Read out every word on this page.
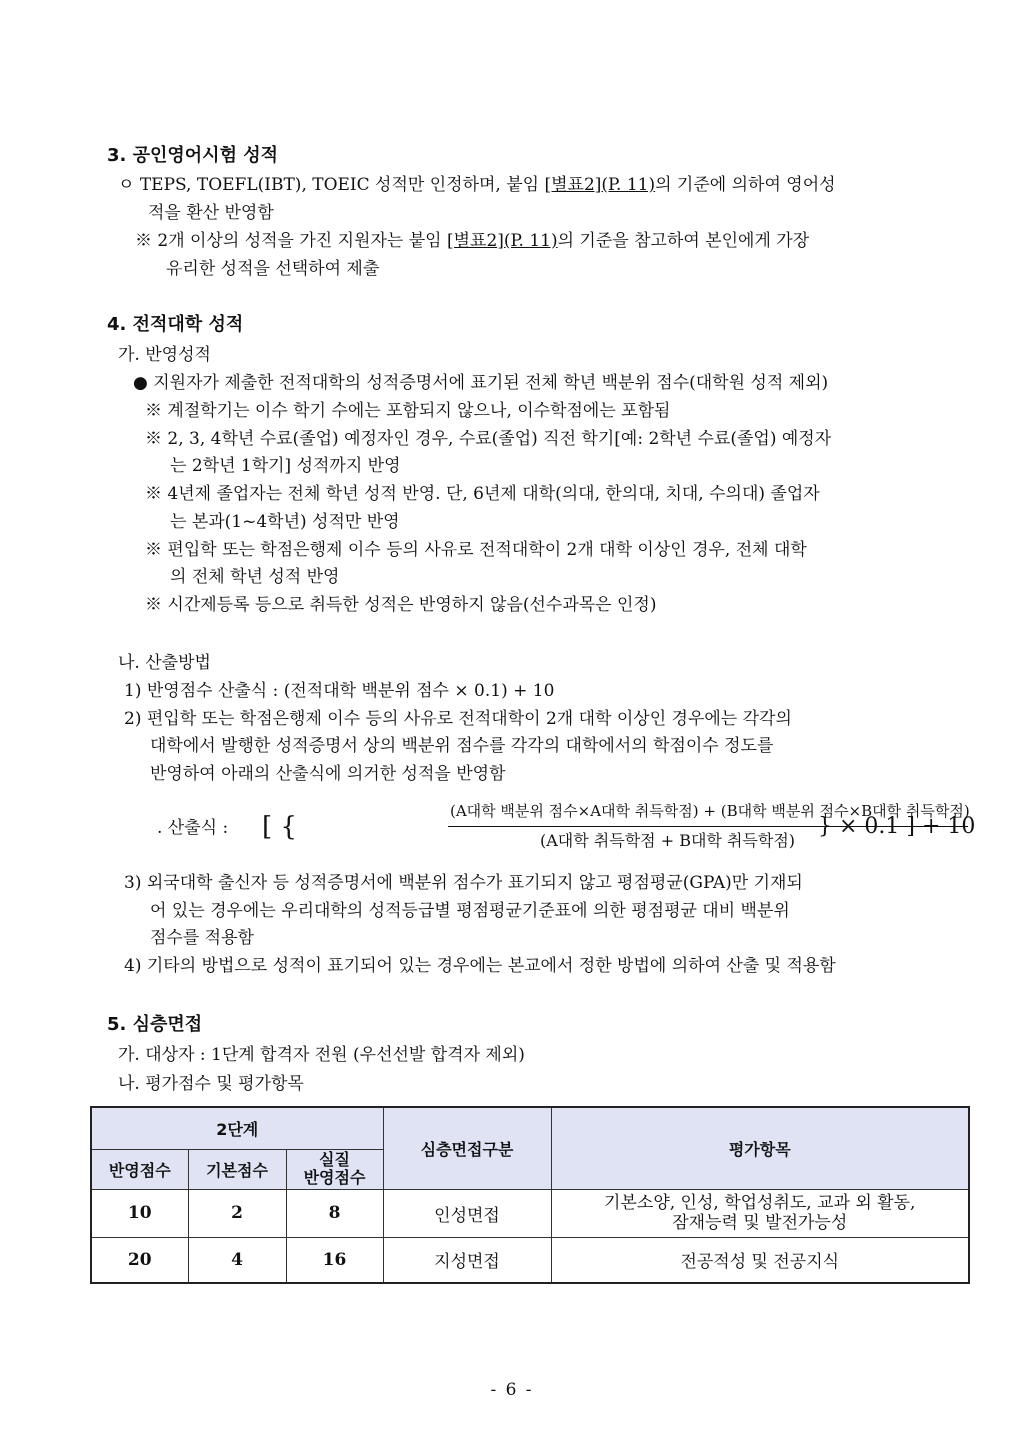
3. 공인영어시험 성적
ㅇ TEPS, TOEFL(IBT), TOEIC 성적만 인정하며, 붙임 [별표2](P. 11)의 기준에 의하여 영어성
적을 환산 반영함
※ 2개 이상의 성적을 가진 지원자는 붙임 [별표2](P. 11)의 기준을 참고하여 본인에게 가장
유리한 성적을 선택하여 제출
4. 전적대학 성적
가. 반영성적
● 지원자가 제출한 전적대학의 성적증명서에 표기된 전체 학년 백분위 점수(대학원 성적 제외)
※ 계절학기는 이수 학기 수에는 포함되지 않으나, 이수학점에는 포함됨
※ 2, 3, 4학년 수료(졸업) 예정자인 경우, 수료(졸업) 직전 학기[예: 2학년 수료(졸업) 예정자
는 2학년 1학기] 성적까지 반영
※ 4년제 졸업자는 전체 학년 성적 반영. 단, 6년제 대학(의대, 한의대, 치대, 수의대) 졸업자
는 본과(1~4학년) 성적만 반영
※ 편입학 또는 학점은행제 이수 등의 사유로 전적대학이 2개 대학 이상인 경우, 전체 대학
의 전체 학년 성적 반영
※ 시간제등록 등으로 취득한 성적은 반영하지 않음(선수과목은 인정)
나. 산출방법
1) 반영점수 산출식 : (전적대학 백분위 점수 × 0.1) + 10
2) 편입학 또는 학점은행제 이수 등의 사유로 전적대학이 2개 대학 이상인 경우에는 각각의
대학에서 발행한 성적증명서 상의 백분위 점수를 각각의 대학에서의 학점이수 정도를
반영하여 아래의 산출식에 의거한 성적을 반영함
. 산출식 : [ {
(A대학 백분위 점수×A대학 취득학점) + (B대학 백분위 점수×B대학 취득학점)
(A대학 취득학점 + B대학 취득학점)
} × 0.1 ] + 10
3) 외국대학 출신자 등 성적증명서에 백분위 점수가 표기되지 않고 평점평균(GPA)만 기재되
어 있는 경우에는 우리대학의 성적등급별 평점평균기준표에 의한 평점평균 대비 백분위
점수를 적용함
4) 기타의 방법으로 성적이 표기되어 있는 경우에는 본교에서 정한 방법에 의하여 산출 및 적용함
5. 심층면접
가. 대상자 : 1단계 합격자 전원 (우선선발 합격자 제외)
나. 평가점수 및 평가항목
2단계			심층면접구분	평가항목
반영점수	기본점수	실질
반영점수		
10	2	8	인성면접	기본소양, 인성, 학업성취도, 교과 외 활동,
잠재능력 및 발전가능성
20	4	16	지성면접	전공적성 및 전공지식
- 6 -
